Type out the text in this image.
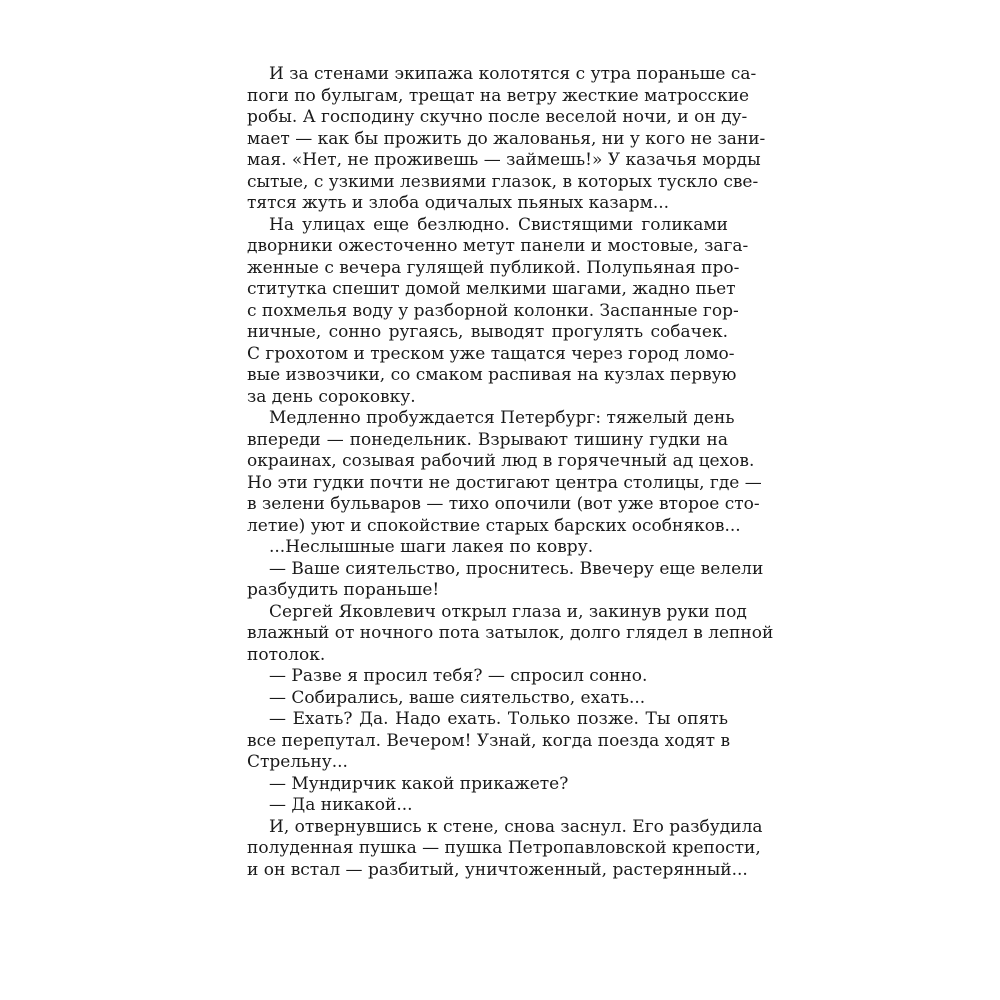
И за стенами экипажа колотятся с утра пораньше са-
поги по булыгам, трещат на ветру жесткие матросские
робы. А господину скучно после веселой ночи, и он ду-
мает — как бы прожить до жалованья, ни у кого не зани-
мая. «Нет, не проживешь — займешь!» У казачья морды
сытые, с узкими лезвиями глазок, в которых тускло све-
тятся жуть и злоба одичалых пьяных казарм...
На улицах еще безлюдно. Свистящими голиками
дворники ожесточенно метут панели и мостовые, зага-
женные с вечера гулящей публикой. Полупьяная про-
ститутка спешит домой мелкими шагами, жадно пьет
с похмелья воду у разборной колонки. Заспанные гор-
ничные, сонно ругаясь, выводят прогулять собачек.
С грохотом и треском уже тащатся через город ломо-
вые извозчики, со смаком распивая на кузлах первую
за день сороковку.
Медленно пробуждается Петербург: тяжелый день
впереди — понедельник. Взрывают тишину гудки на
окраинах, созывая рабочий люд в горячечный ад цехов.
Но эти гудки почти не достигают центра столицы, где —
в зелени бульваров — тихо опочили (вот уже второе сто-
летие) уют и спокойствие старых барских особняков...
...Неслышные шаги лакея по ковру.
— Ваше сиятельство, проснитесь. Ввечеру еще велели
разбудить пораньше!
Сергей Яковлевич открыл глаза и, закинув руки под
влажный от ночного пота затылок, долго глядел в лепной
потолок.
— Разве я просил тебя? — спросил сонно.
— Собирались, ваше сиятельство, ехать...
— Ехать? Да. Надо ехать. Только позже. Ты опять
все перепутал. Вечером! Узнай, когда поезда ходят в
Стрельну...
— Мундирчик какой прикажете?
— Да никакой...
И, отвернувшись к стене, снова заснул. Его разбудила
полуденная пушка — пушка Петропавловской крепости,
и он встал — разбитый, уничтоженный, растерянный...
